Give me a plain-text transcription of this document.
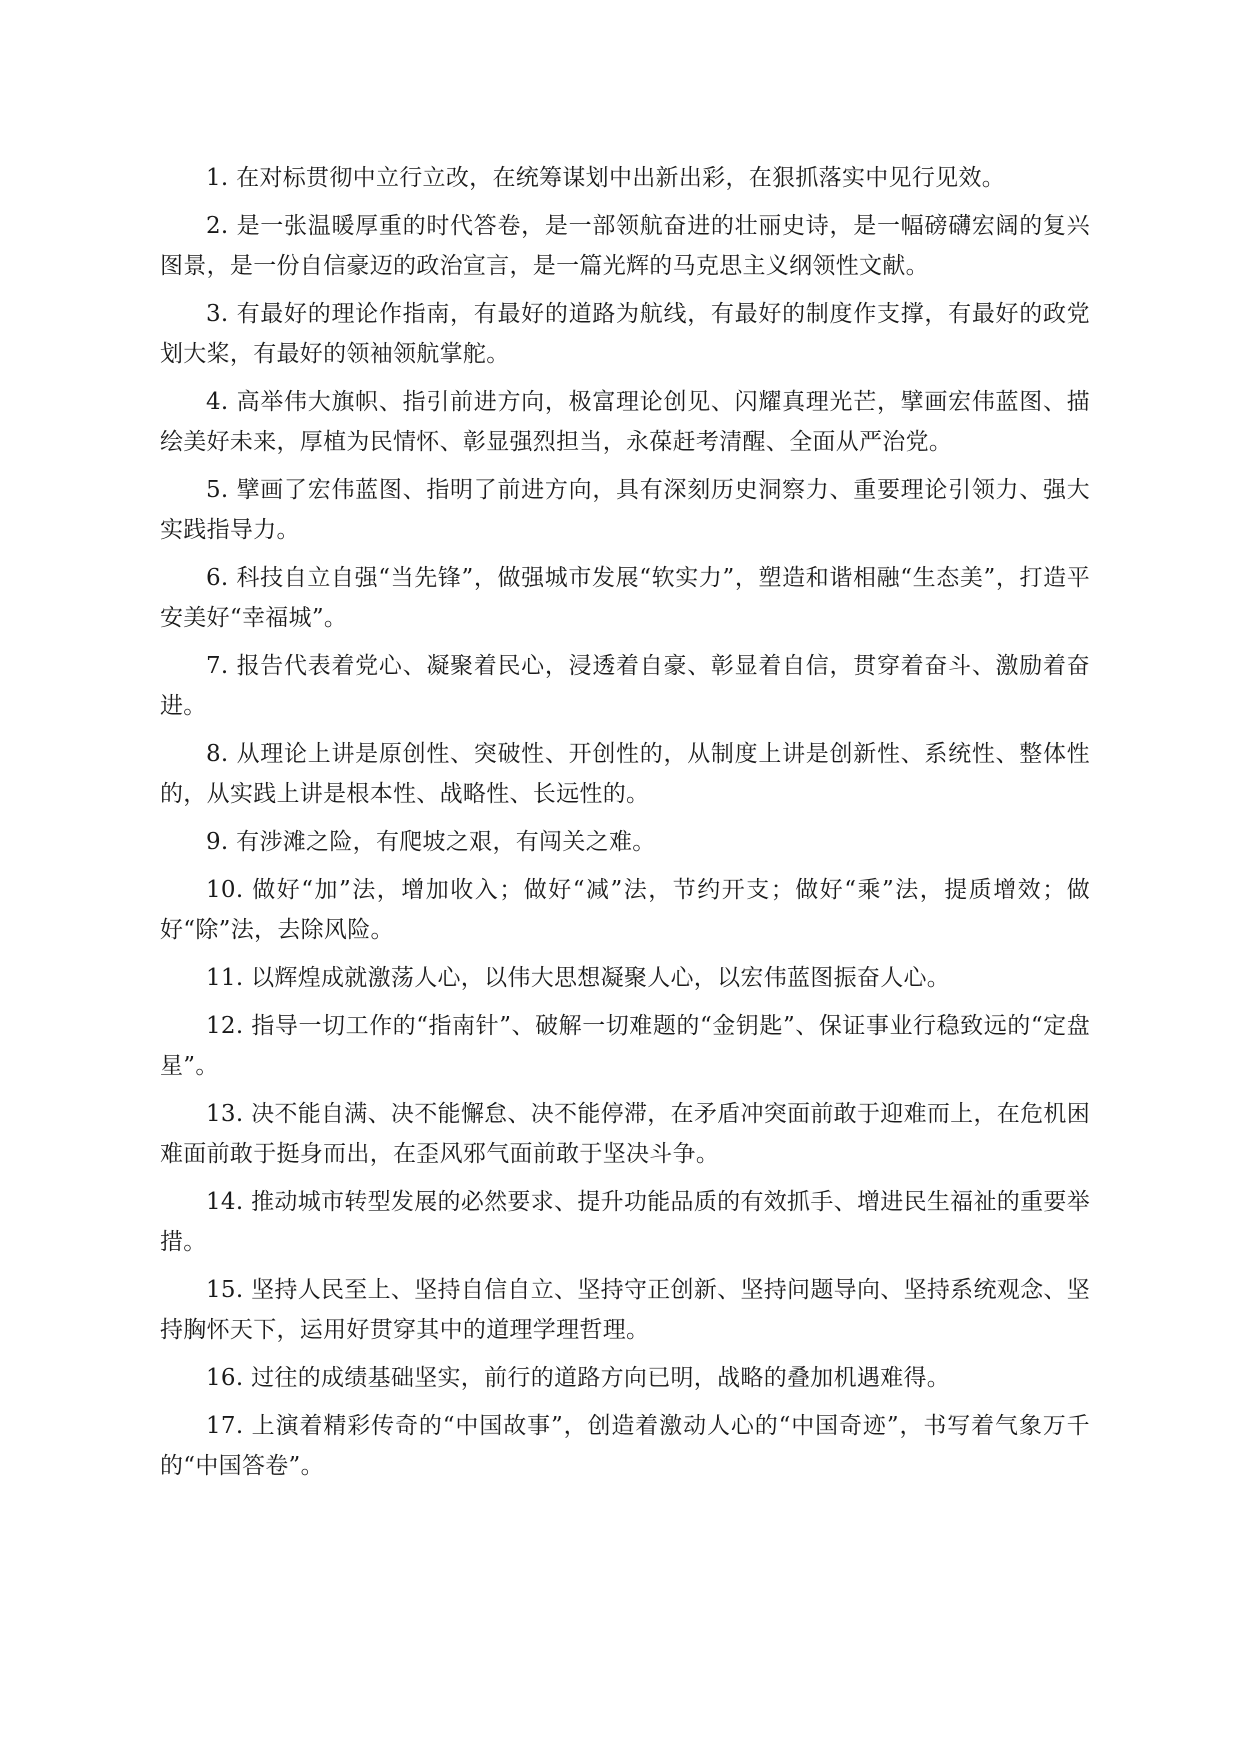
1. 在对标贯彻中立行立改，在统筹谋划中出新出彩，在狠抓落实中见行见效。

2. 是一张温暖厚重的时代答卷，是一部领航奋进的壮丽史诗，是一幅磅礴宏阔的复兴图景，是一份自信豪迈的政治宣言，是一篇光辉的马克思主义纲领性文献。

3. 有最好的理论作指南，有最好的道路为航线，有最好的制度作支撑，有最好的政党划大桨，有最好的领袖领航掌舵。

4. 高举伟大旗帜、指引前进方向，极富理论创见、闪耀真理光芒，擘画宏伟蓝图、描绘美好未来，厚植为民情怀、彰显强烈担当，永葆赶考清醒、全面从严治党。

5. 擘画了宏伟蓝图、指明了前进方向，具有深刻历史洞察力、重要理论引领力、强大实践指导力。

6. 科技自立自强“当先锋”，做强城市发展“软实力”，塑造和谐相融“生态美”，打造平安美好“幸福城”。

7. 报告代表着党心、凝聚着民心，浸透着自豪、彰显着自信，贯穿着奋斗、激励着奋进。

8. 从理论上讲是原创性、突破性、开创性的，从制度上讲是创新性、系统性、整体性的，从实践上讲是根本性、战略性、长远性的。

9. 有涉滩之险，有爬坡之艰，有闯关之难。

10. 做好“加”法，增加收入；做好“减”法，节约开支；做好“乘”法，提质增效；做好“除”法，去除风险。

11. 以辉煌成就激荡人心，以伟大思想凝聚人心，以宏伟蓝图振奋人心。

12. 指导一切工作的“指南针”、破解一切难题的“金钥匙”、保证事业行稳致远的“定盘星”。

13. 决不能自满、决不能懈怠、决不能停滞，在矛盾冲突面前敢于迎难而上，在危机困难面前敢于挺身而出，在歪风邪气面前敢于坚决斗争。

14. 推动城市转型发展的必然要求、提升功能品质的有效抓手、增进民生福祉的重要举措。

15. 坚持人民至上、坚持自信自立、坚持守正创新、坚持问题导向、坚持系统观念、坚持胸怀天下，运用好贯穿其中的道理学理哲理。

16. 过往的成绩基础坚实，前行的道路方向已明，战略的叠加机遇难得。

17. 上演着精彩传奇的“中国故事”，创造着激动人心的“中国奇迹”，书写着气象万千的“中国答卷”。
